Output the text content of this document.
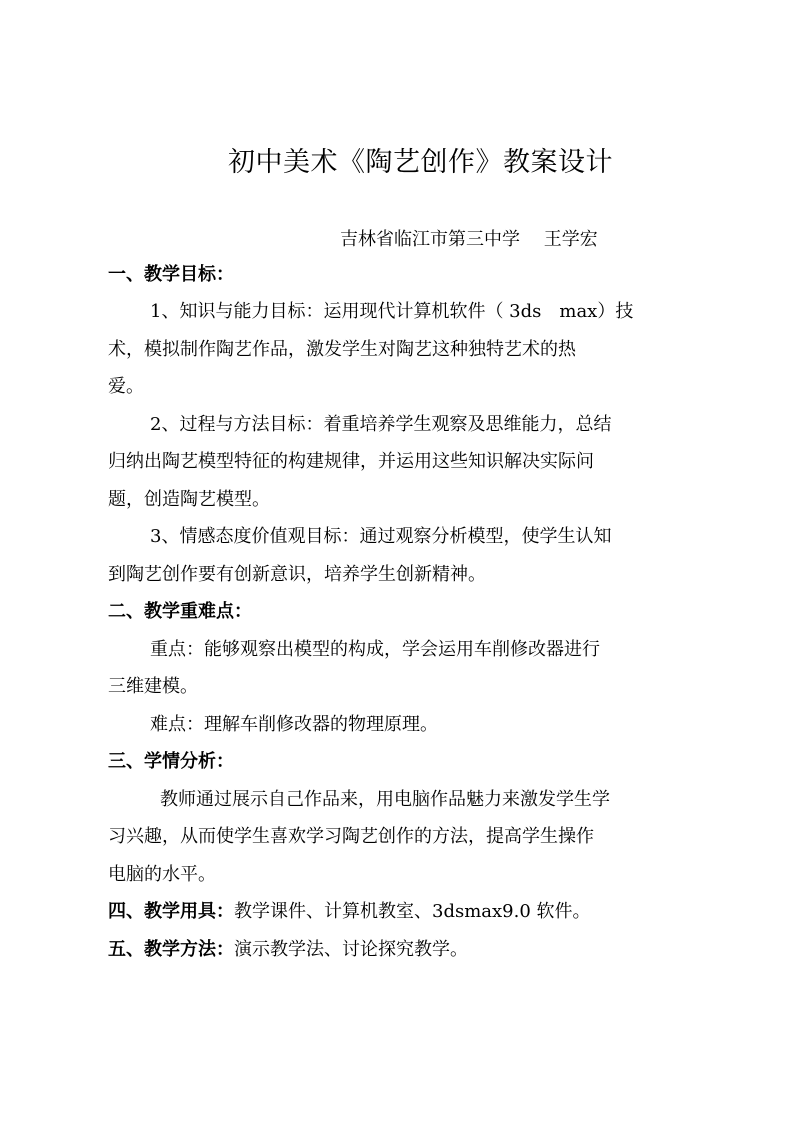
初中美术《陶艺创作》教案设计
吉林省临江市第三中学　 王学宏
一、教学目标：
1、知识与能力目标：运用现代计算机软件（ 3ds　max）技
术，模拟制作陶艺作品，激发学生对陶艺这种独特艺术的热
爱。
2、过程与方法目标：着重培养学生观察及思维能力，总结
归纳出陶艺模型特征的构建规律，并运用这些知识解决实际问
题，创造陶艺模型。
3、情感态度价值观目标：通过观察分析模型，使学生认知
到陶艺创作要有创新意识，培养学生创新精神。
二、教学重难点：
重点：能够观察出模型的构成，学会运用车削修改器进行
三维建模。
难点：理解车削修改器的物理原理。
三、学情分析：
教师通过展示自己作品来，用电脑作品魅力来激发学生学
习兴趣，从而使学生喜欢学习陶艺创作的方法，提高学生操作
电脑的水平。
四、教学用具：教学课件、计算机教室、3dsmax9.0 软件。
五、教学方法：演示教学法、讨论探究教学。
